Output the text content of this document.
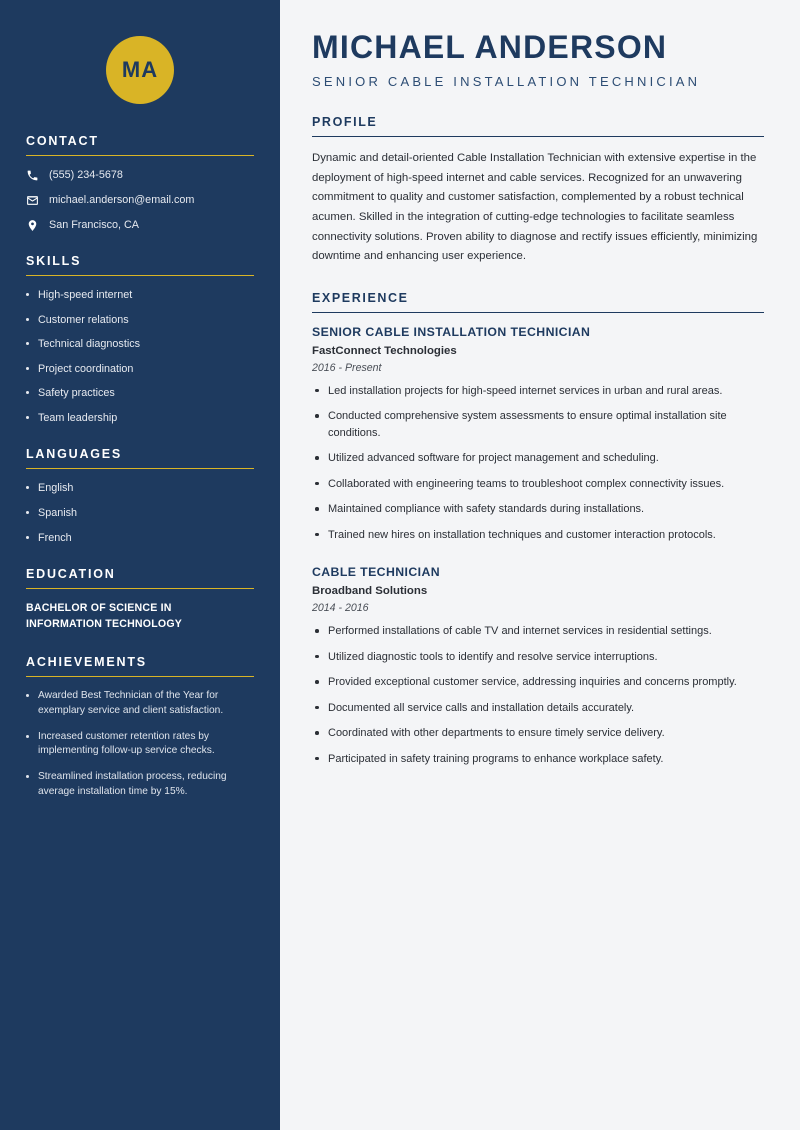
MA
CONTACT
(555) 234-5678
michael.anderson@email.com
San Francisco, CA
SKILLS
High-speed internet
Customer relations
Technical diagnostics
Project coordination
Safety practices
Team leadership
LANGUAGES
English
Spanish
French
EDUCATION
BACHELOR OF SCIENCE IN
INFORMATION TECHNOLOGY
ACHIEVEMENTS
Awarded Best Technician of the Year for exemplary service and client satisfaction.
Increased customer retention rates by implementing follow-up service checks.
Streamlined installation process, reducing average installation time by 15%.
MICHAEL ANDERSON
SENIOR CABLE INSTALLATION TECHNICIAN
PROFILE

Dynamic and detail-oriented Cable Installation Technician with extensive expertise in the deployment of high-speed internet and cable services. Recognized for an unwavering commitment to quality and customer satisfaction, complemented by a robust technical acumen. Skilled in the integration of cutting-edge technologies to facilitate seamless connectivity solutions. Proven ability to diagnose and rectify issues efficiently, minimizing downtime and enhancing user experience.

EXPERIENCE
SENIOR CABLE INSTALLATION TECHNICIAN
FastConnect Technologies
2016 - Present
Led installation projects for high-speed internet services in urban and rural areas.
Conducted comprehensive system assessments to ensure optimal installation site conditions.
Utilized advanced software for project management and scheduling.
Collaborated with engineering teams to troubleshoot complex connectivity issues.
Maintained compliance with safety standards during installations.
Trained new hires on installation techniques and customer interaction protocols.
CABLE TECHNICIAN
Broadband Solutions
2014 - 2016
Performed installations of cable TV and internet services in residential settings.
Utilized diagnostic tools to identify and resolve service interruptions.
Provided exceptional customer service, addressing inquiries and concerns promptly.
Documented all service calls and installation details accurately.
Coordinated with other departments to ensure timely service delivery.
Participated in safety training programs to enhance workplace safety.
